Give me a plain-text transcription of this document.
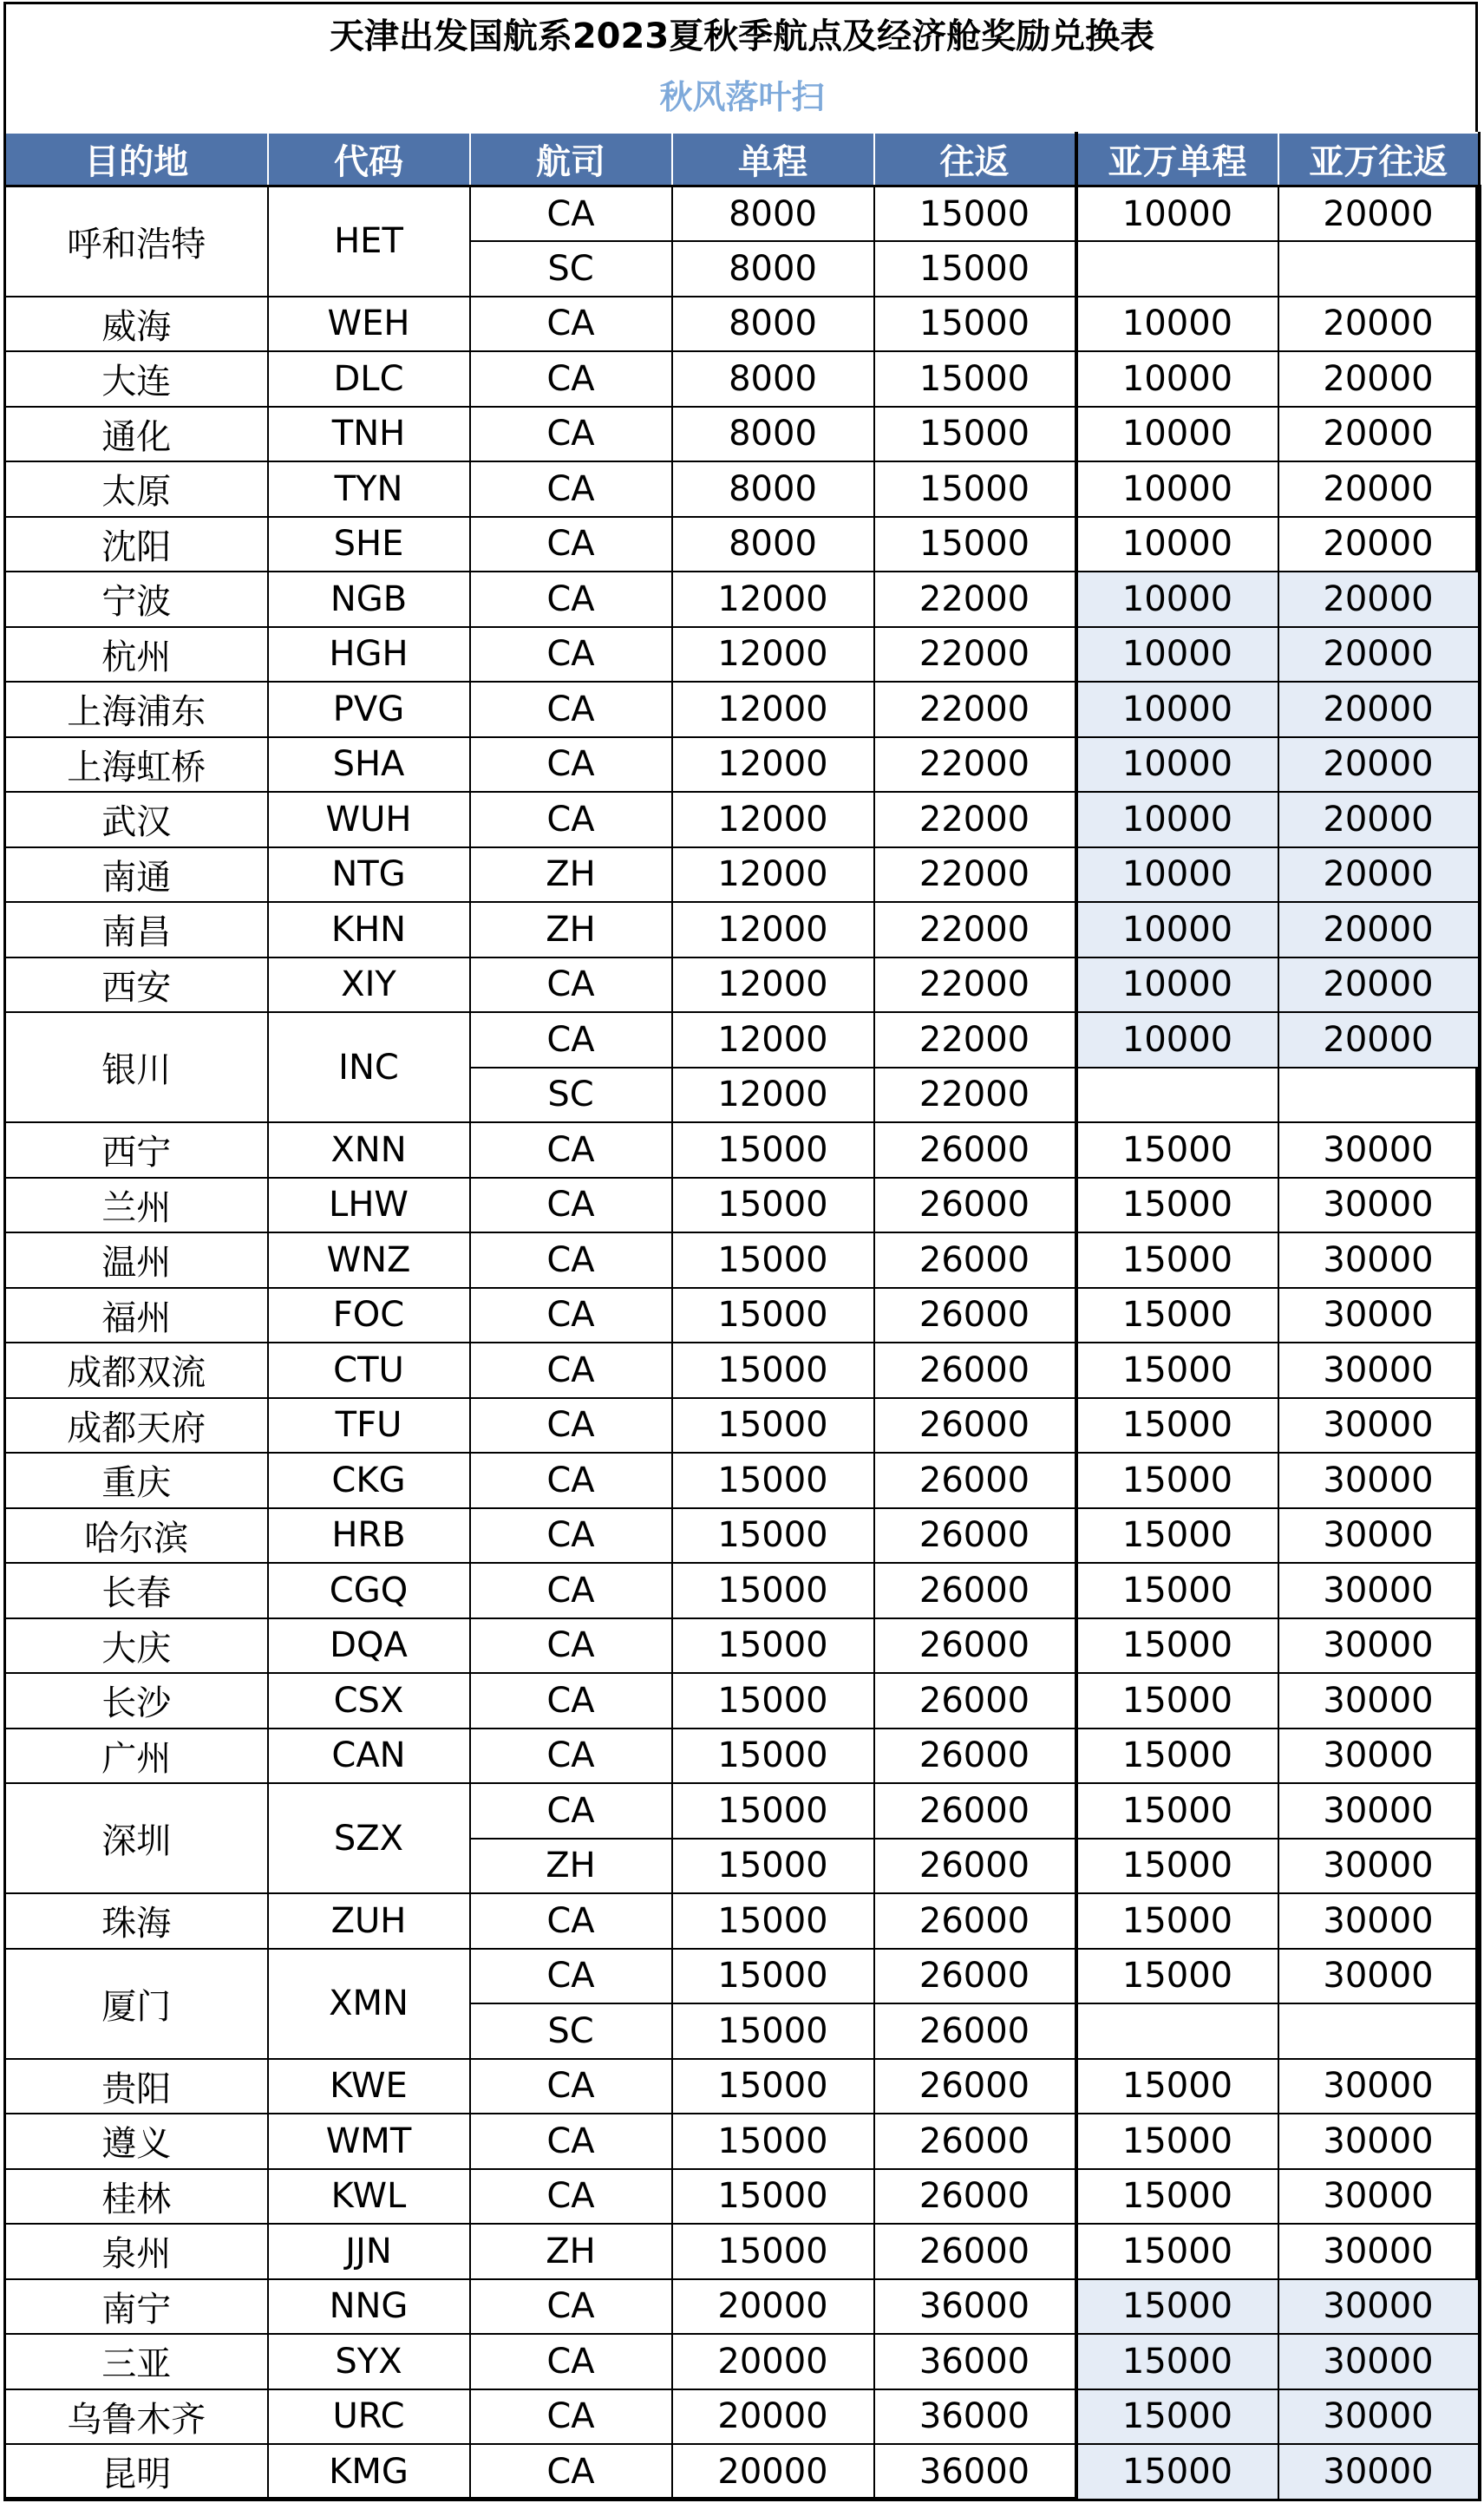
天津出发国航系2023夏秋季航点及经济舱奖励兑换表
秋风落叶扫
目的地	代码	航司	单程	往返	亚万单程	亚万往返
呼和浩特	HET	CA	8000	15000	10000	20000
		SC	8000	15000		
威海	WEH	CA	8000	15000	10000	20000
大连	DLC	CA	8000	15000	10000	20000
通化	TNH	CA	8000	15000	10000	20000
太原	TYN	CA	8000	15000	10000	20000
沈阳	SHE	CA	8000	15000	10000	20000
宁波	NGB	CA	12000	22000	10000	20000
杭州	HGH	CA	12000	22000	10000	20000
上海浦东	PVG	CA	12000	22000	10000	20000
上海虹桥	SHA	CA	12000	22000	10000	20000
武汉	WUH	CA	12000	22000	10000	20000
南通	NTG	ZH	12000	22000	10000	20000
南昌	KHN	ZH	12000	22000	10000	20000
西安	XIY	CA	12000	22000	10000	20000
银川	INC	CA	12000	22000	10000	20000
		SC	12000	22000		
西宁	XNN	CA	15000	26000	15000	30000
兰州	LHW	CA	15000	26000	15000	30000
温州	WNZ	CA	15000	26000	15000	30000
福州	FOC	CA	15000	26000	15000	30000
成都双流	CTU	CA	15000	26000	15000	30000
成都天府	TFU	CA	15000	26000	15000	30000
重庆	CKG	CA	15000	26000	15000	30000
哈尔滨	HRB	CA	15000	26000	15000	30000
长春	CGQ	CA	15000	26000	15000	30000
大庆	DQA	CA	15000	26000	15000	30000
长沙	CSX	CA	15000	26000	15000	30000
广州	CAN	CA	15000	26000	15000	30000
深圳	SZX	CA	15000	26000	15000	30000
		ZH	15000	26000	15000	30000
珠海	ZUH	CA	15000	26000	15000	30000
厦门	XMN	CA	15000	26000	15000	30000
		SC	15000	26000		
贵阳	KWE	CA	15000	26000	15000	30000
遵义	WMT	CA	15000	26000	15000	30000
桂林	KWL	CA	15000	26000	15000	30000
泉州	JJN	ZH	15000	26000	15000	30000
南宁	NNG	CA	20000	36000	15000	30000
三亚	SYX	CA	20000	36000	15000	30000
乌鲁木齐	URC	CA	20000	36000	15000	30000
昆明	KMG	CA	20000	36000	15000	30000
